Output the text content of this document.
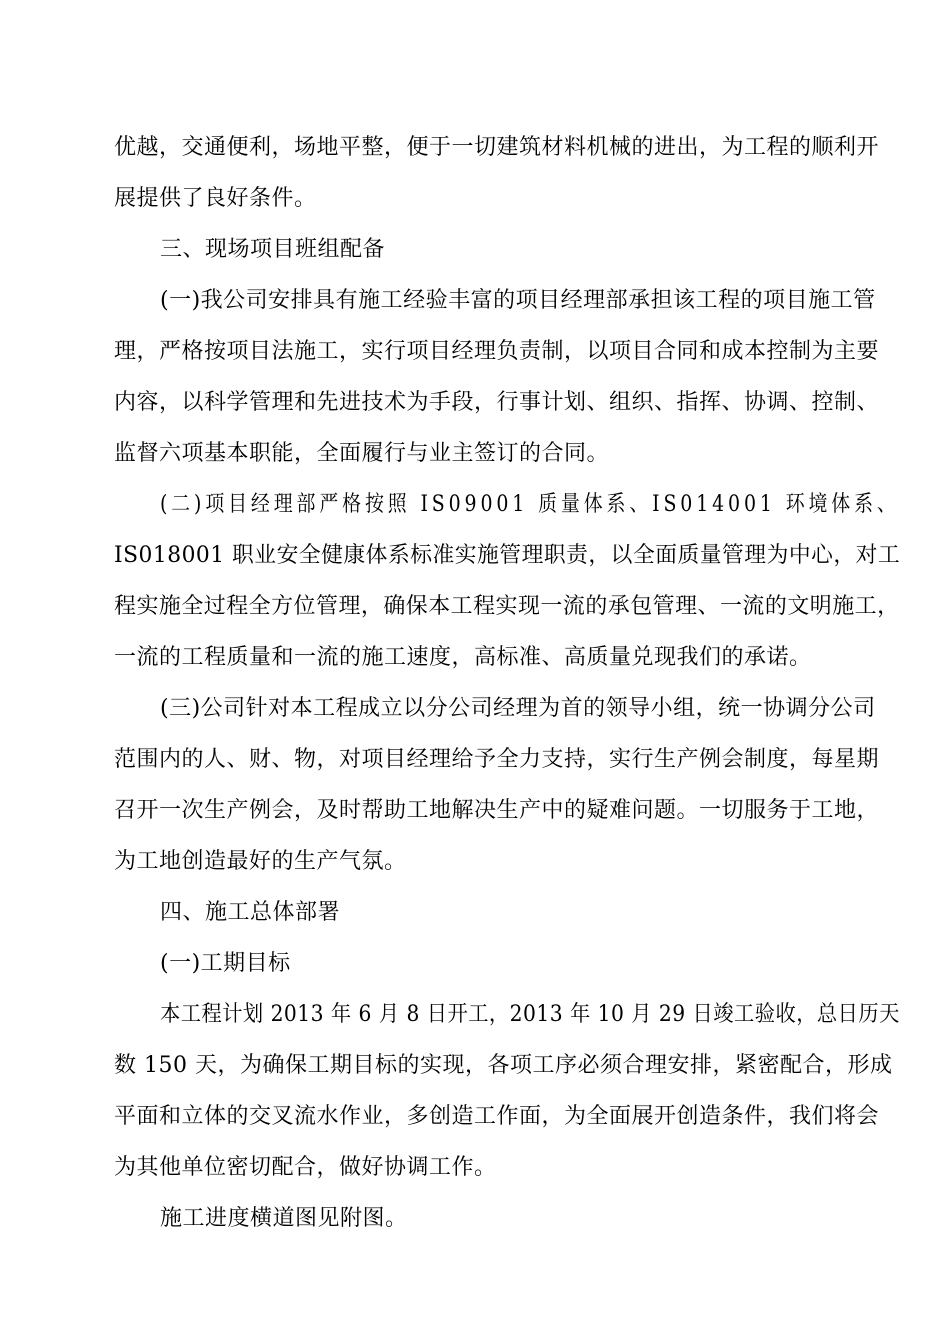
优越，交通便利，场地平整，便于一切建筑材料机械的进出，为工程的顺利开
展提供了良好条件。
三、现场项目班组配备
(一)我公司安排具有施工经验丰富的项目经理部承担该工程的项目施工管
理，严格按项目法施工，实行项目经理负责制，以项目合同和成本控制为主要
内容，以科学管理和先进技术为手段，行事计划、组织、指挥、协调、控制、
监督六项基本职能，全面履行与业主签订的合同。
(二)项目经理部严格按照 IS09001 质量体系、IS014001 环境体系、
IS018001 职业安全健康体系标准实施管理职责，以全面质量管理为中心，对工
程实施全过程全方位管理，确保本工程实现一流的承包管理、一流的文明施工，
一流的工程质量和一流的施工速度，高标准、高质量兑现我们的承诺。
(三)公司针对本工程成立以分公司经理为首的领导小组，统一协调分公司
范围内的人、财、物，对项目经理给予全力支持，实行生产例会制度，每星期
召开一次生产例会，及时帮助工地解决生产中的疑难问题。一切服务于工地，
为工地创造最好的生产气氛。
四、施工总体部署
(一)工期目标
本工程计划 2013 年 6 月 8 日开工，2013 年 10 月 29 日竣工验收，总日历天
数 150 天，为确保工期目标的实现，各项工序必须合理安排，紧密配合，形成
平面和立体的交叉流水作业，多创造工作面，为全面展开创造条件，我们将会
为其他单位密切配合，做好协调工作。
施工进度横道图见附图。
